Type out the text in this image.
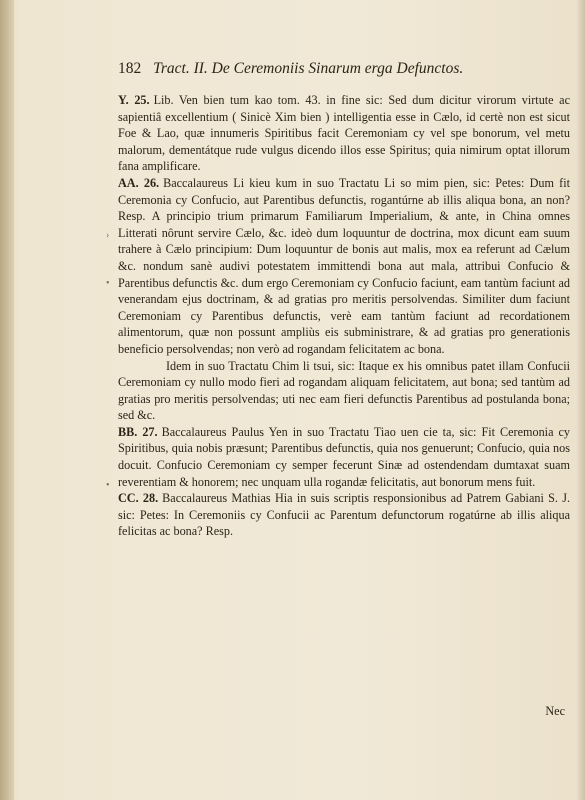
182 Tract. II. De Ceremoniis Sinarum erga Defunctos.
›
•
•

Y. 25. Lib. Ven bien tum kao tom. 43. in fine sic: Sed dum dicitur virorum virtute ac sapientiâ excellentium ( Sinicè Xim bien ) intelligentia esse in Cælo, id certè non est sicut Foe & Lao, quæ innumeris Spiritibus facit Ceremoniam cy vel spe bonorum, vel metu malorum, dementátque rude vulgus dicendo illos esse Spiritus; quia nimirum optat illorum fana amplificare.

AA. 26. Baccalaureus Li kieu kum in suo Tractatu Li so mim pien, sic: Petes: Dum fit Ceremonia cy Confucio, aut Parentibus defunctis, rogantúrne ab illis aliqua bona, an non? Resp. A principio trium primarum Familiarum Imperialium, & ante, in China omnes Litterati nôrunt servire Cælo, &c. ideò dum loquuntur de doctrina, mox dicunt eam suum trahere à Cælo principium: Dum loquuntur de bonis aut malis, mox ea referunt ad Cælum &c. nondum sanè audivi potestatem immittendi bona aut mala, attribui Confucio & Parentibus defunctis &c. dum ergo Ceremoniam cy Confucio faciunt, eam tantùm faciunt ad venerandam ejus doctrinam, & ad gratias pro meritis persolvendas. Similiter dum faciunt Ceremoniam cy Parentibus defunctis, verè eam tantùm faciunt ad recordationem alimentorum, quæ non possunt ampliùs eis subministrare, & ad gratias pro generationis beneficio persolvendas; non verò ad rogandam felicitatem ac bona.

Idem in suo Tractatu Chim li tsui, sic: Itaque ex his omnibus patet illam Confucii Ceremoniam cy nullo modo fieri ad rogandam aliquam felicitatem, aut bona; sed tantùm ad gratias pro meritis persolvendas; uti nec eam fieri defunctis Parentibus ad postulanda bona; sed &c.

BB. 27. Baccalaureus Paulus Yen in suo Tractatu Tiao uen cie ta, sic: Fit Ceremonia cy Spiritibus, quia nobis præsunt; Parentibus defunctis, quia nos genuerunt; Confucio, quia nos docuit. Confucio Ceremoniam cy semper fecerunt Sinæ ad ostendendam dumtaxat suam reverentiam & honorem; nec unquam ulla rogandæ felicitatis, aut bonorum mens fuit.

CC. 28. Baccalaureus Mathias Hia in suis scriptis responsionibus ad Patrem Gabiani S. J. sic: Petes: In Ceremoniis cy Confucii ac Parentum defunctorum rogatúrne ab illis aliqua felicitas ac bona? Resp.

Nec
